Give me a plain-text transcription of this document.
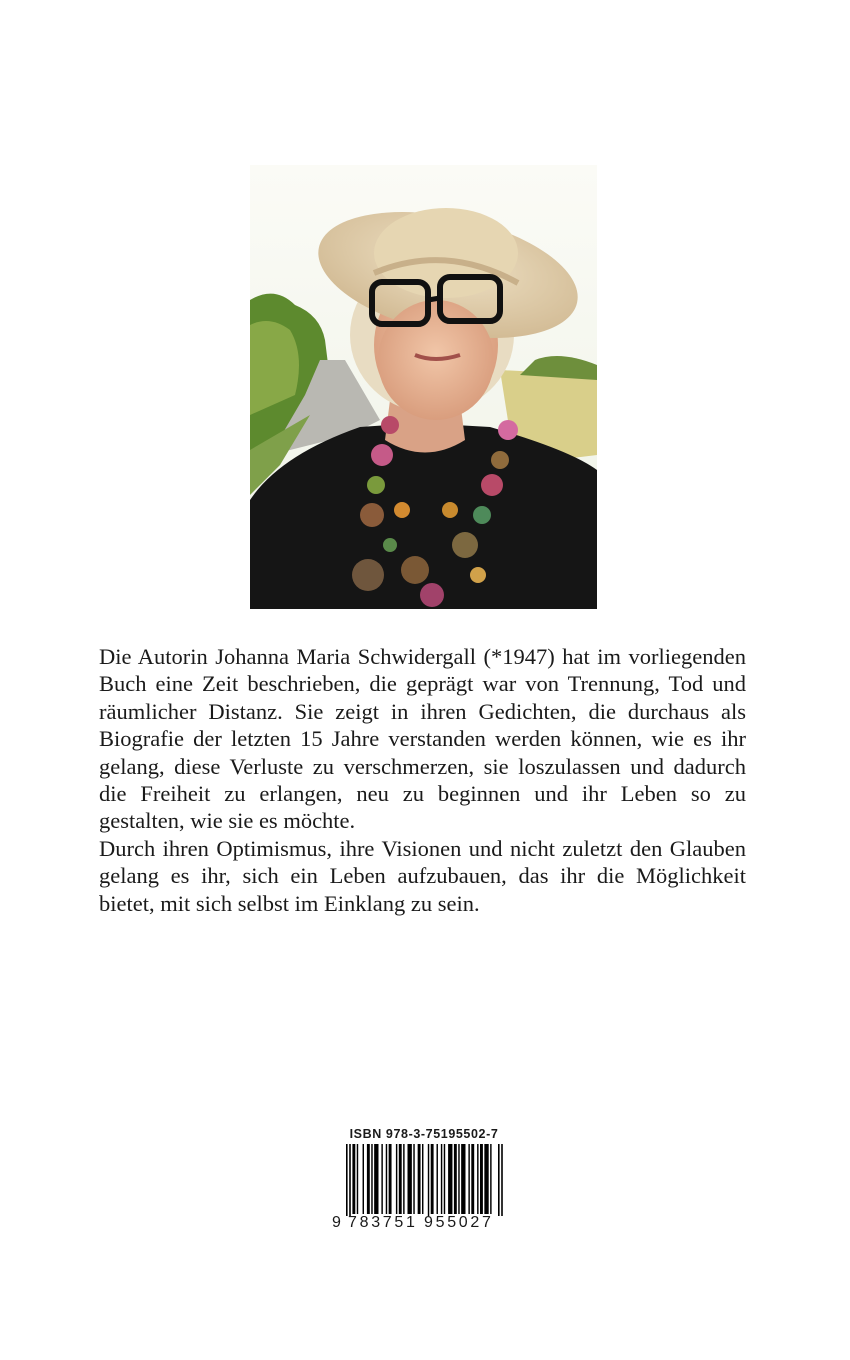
Die Autorin Johanna Maria Schwidergall (*1947) hat im vorliegenden Buch eine Zeit beschrieben, die geprägt war von Trennung, Tod und räumlicher Distanz. Sie zeigt in ihren Gedichten, die durchaus als Biografie der letzten 15 Jahre verstanden werden können, wie es ihr gelang, diese Verluste zu verschmerzen, sie loszulassen und dadurch die Freiheit zu erlangen, neu zu beginnen und ihr Leben so zu gestalten, wie sie es möchte.

Durch ihren Optimismus, ihre Visionen und nicht zuletzt den Glauben gelang es ihr, sich ein Leben aufzubauen, das ihr die Möglichkeit bietet, mit sich selbst im Einklang zu sein.

ISBN 978-3-75195502-7
9 783751 955027
